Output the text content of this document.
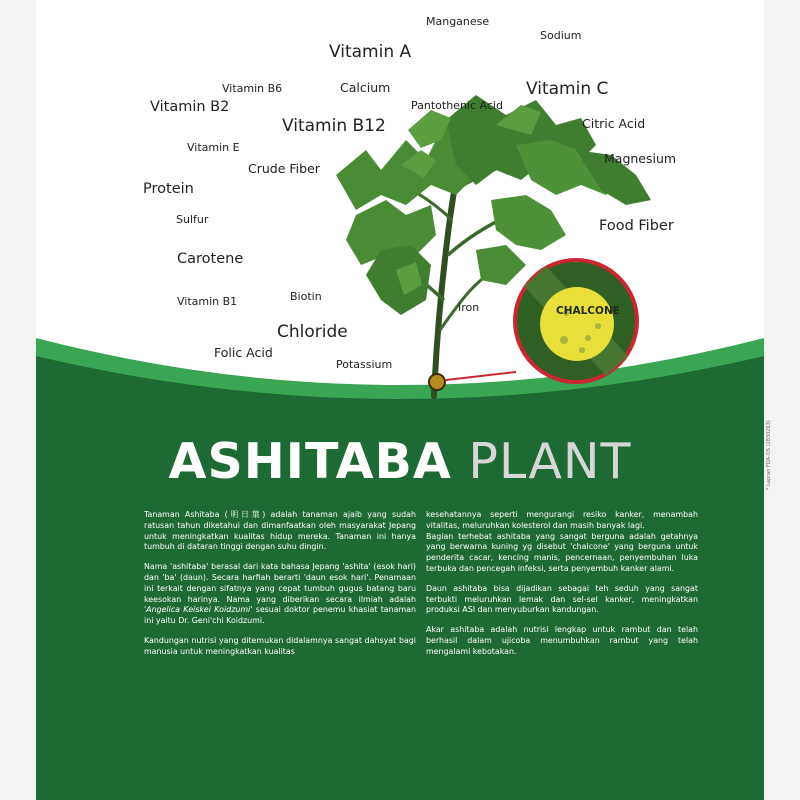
Manganese
Sodium
Vitamin A
Vitamin B6	Calcium	Vitamin C
Vitamin B2	Pantothenic Acid
Vitamin B12	Citric Acid
Vitamin E
Crude Fiber
Magnesium
Protein
Sulfur	Food Fiber
Carotene
Biotin
Vitamin B1	Iron
Chloride
Folic Acid
Potassium
CHALCONE
ASHITABA PLANT

Tanaman Ashitaba (明日葉) adalah tanaman ajaib yang sudah ratusan tahun diketahui dan dimanfaatkan oleh masyarakat Jepang untuk meningkatkan kualitas hidup mereka. Tanaman ini hanya tumbuh di dataran tinggi dengan suhu dingin.

Nama 'ashitaba' berasal dari kata bahasa Jepang 'ashita' (esok hari) dan 'ba' (daun). Secara harfiah berarti 'daun esok hari'. Penamaan ini terkait dengan sifatnya yang cepat tumbuh gugus batang baru keesokan harinya. Nama yang diberikan secara ilmiah adalah 'Angelica Keiskei Koidzumi' sesuai doktor penemu khasiat tanaman ini yaitu Dr. Geni'chi Koidzumi.

Kandungan nutrisi yang ditemukan didalamnya sangat dahsyat bagi manusia untuk meningkatkan kualitas

kesehatannya seperti mengurangi resiko kanker, menambah vitalitas, meluruhkan kolesterol dan masih banyak lagi.

Bagian terhebat ashitaba yang sangat berguna adalah getahnya yang berwarna kuning yg disebut 'chalcone' yang berguna untuk penderita cacar, kencing manis, pencernaan, penyembuhan luka terbuka dan pencegah infeksi, serta penyembuh kanker alami.

Daun ashitaba bisa dijadikan sebagai teh seduh yang sangat terbukti meluruhkan lemak dan sel-sel kanker, meningkatkan produksi ASI dan menyuburkan kandungan.

Akar ashitaba adalah nutrisi lengkap untuk rambut dan telah berhasil dalam ujicoba menumbuhkan rambut yang telah mengalami kebotakan.

* Lapran FDA-OS (2830263)
